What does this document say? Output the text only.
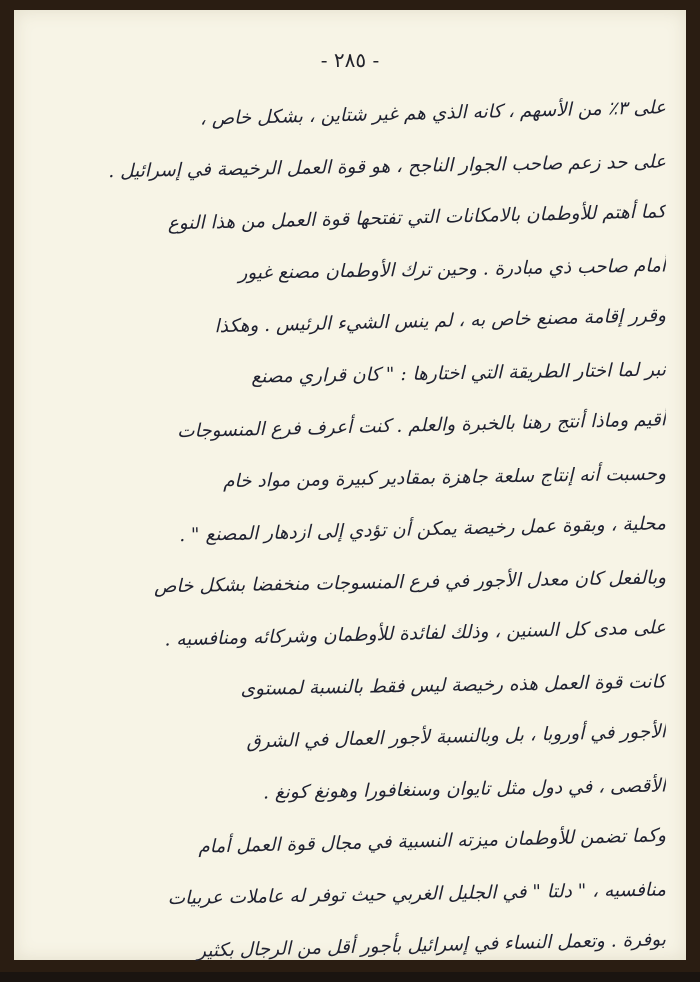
- ٢٨٥ -
على ٣٪ من الأسهم ، كانه الذي هم غير شتاين ، بشكل خاص ،
على حد زعم صاحب الجوار الناجح ، هو قوة العمل الرخيصة في إسرائيل .
كما أهتم للأوطمان بالامكانات التي تفتحها قوة العمل من هذا النوع
أمام صاحب ذي مبادرة . وحين ترك الأوطمان مصنع غيور
وقرر إقامة مصنع خاص به ، لم ينس الشيء الرئيس . وهكذا
نبر لما اختار الطريقة التي اختارها : " كان قراري مصنع
أقيم وماذا أنتج رهنا بالخبرة والعلم . كنت أعرف فرع المنسوجات
وحسبت أنه إنتاج سلعة جاهزة بمقادير كبيرة ومن مواد خام
محلية ، وبقوة عمل رخيصة يمكن أن تؤدي إلى ازدهار المصنع " .
وبالفعل كان معدل الأجور في فرع المنسوجات منخفضا بشكل خاص
على مدى كل السنين ، وذلك لفائدة للأوطمان وشركائه ومنافسيه .
كانت قوة العمل هذه رخيصة ليس فقط بالنسبة لمستوى
الأجور في أوروبا ، بل وبالنسبة لأجور العمال في الشرق
الأقصى ، في دول مثل تايوان وسنغافورا وهونغ كونغ .
وكما تضمن للأوطمان ميزته النسبية في مجال قوة العمل أمام
منافسيه ، " دلتا " في الجليل الغربي حيث توفر له عاملات عربيات
بوفرة . وتعمل النساء في إسرائيل بأجور أقل من الرجال بكثير
